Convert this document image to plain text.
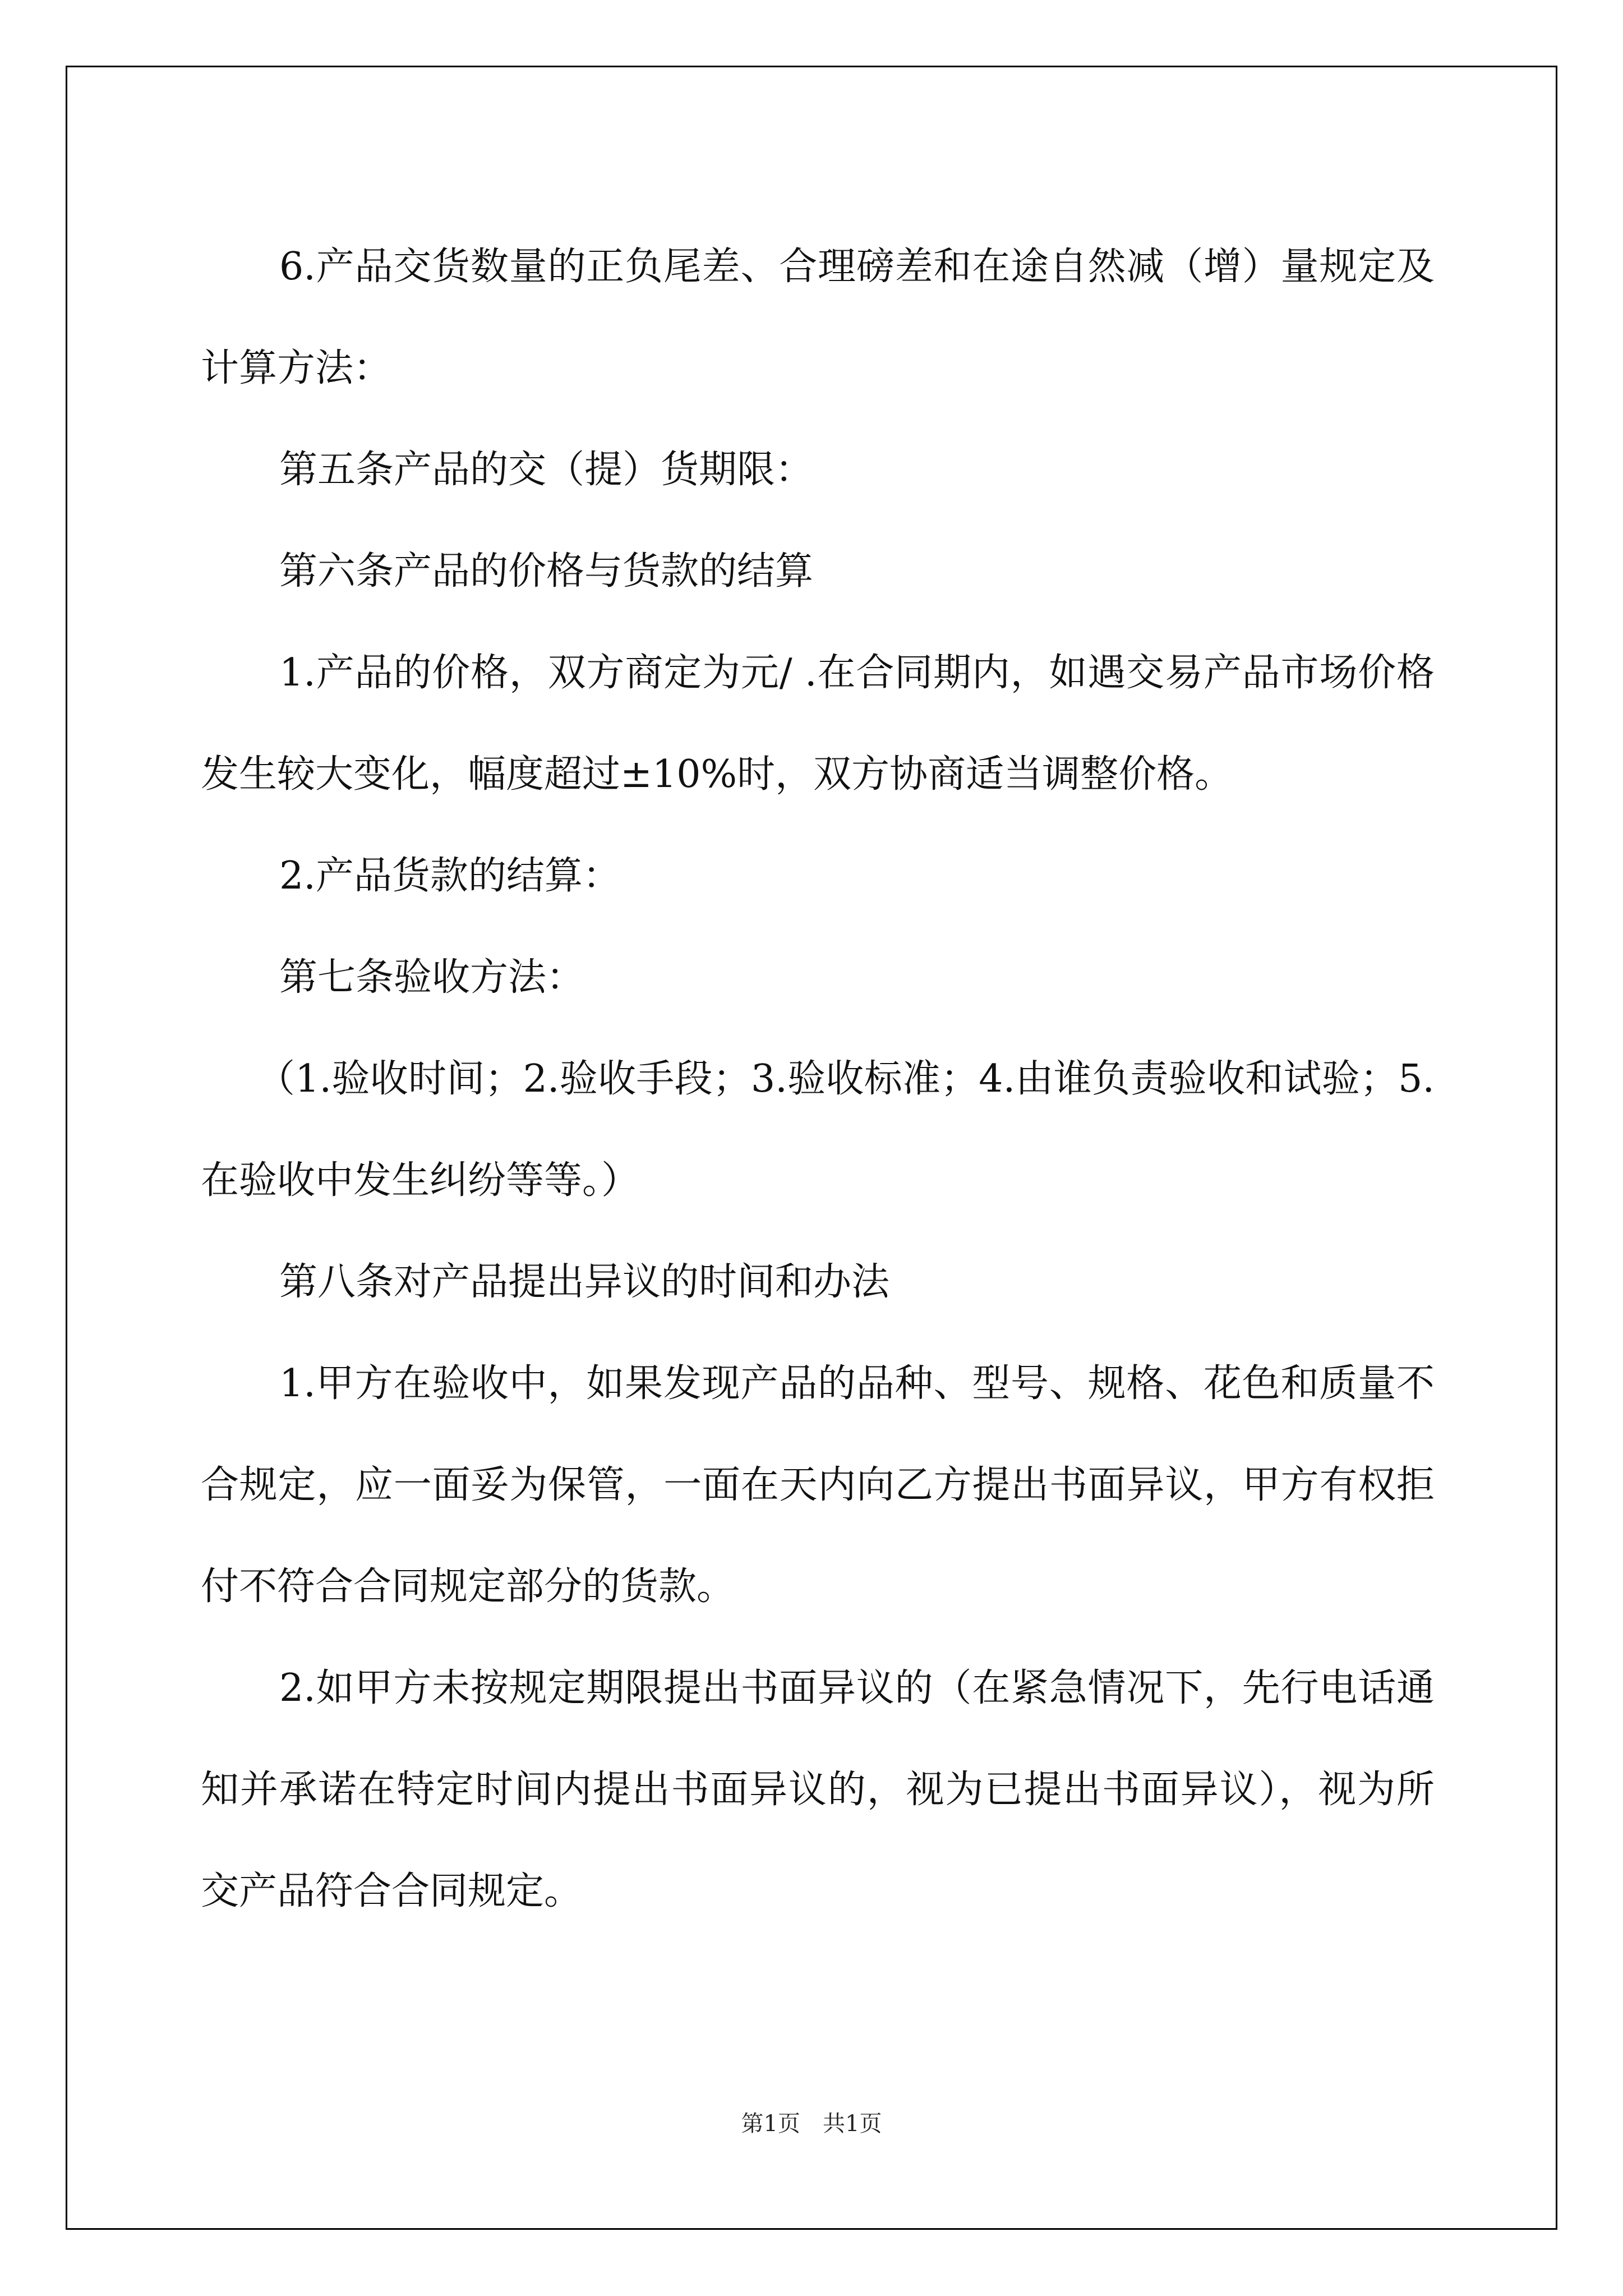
6.产品交货数量的正负尾差、合理磅差和在途自然减（增）量规定及计算方法：

第五条产品的交（提）货期限：

第六条产品的价格与货款的结算

1.产品的价格，双方商定为元/ .在合同期内，如遇交易产品市场价格发生较大变化，幅度超过±10%时，双方协商适当调整价格。

2.产品货款的结算：

第七条验收方法：

（1.验收时间；2.验收手段；3.验收标准；4.由谁负责验收和试验；5.在验收中发生纠纷等等。）

第八条对产品提出异议的时间和办法

1.甲方在验收中，如果发现产品的品种、型号、规格、花色和质量不合规定，应一面妥为保管，一面在天内向乙方提出书面异议，甲方有权拒付不符合合同规定部分的货款。

2.如甲方未按规定期限提出书面异议的（在紧急情况下，先行电话通知并承诺在特定时间内提出书面异议的，视为已提出书面异议），视为所交产品符合合同规定。

第1页　共1页
